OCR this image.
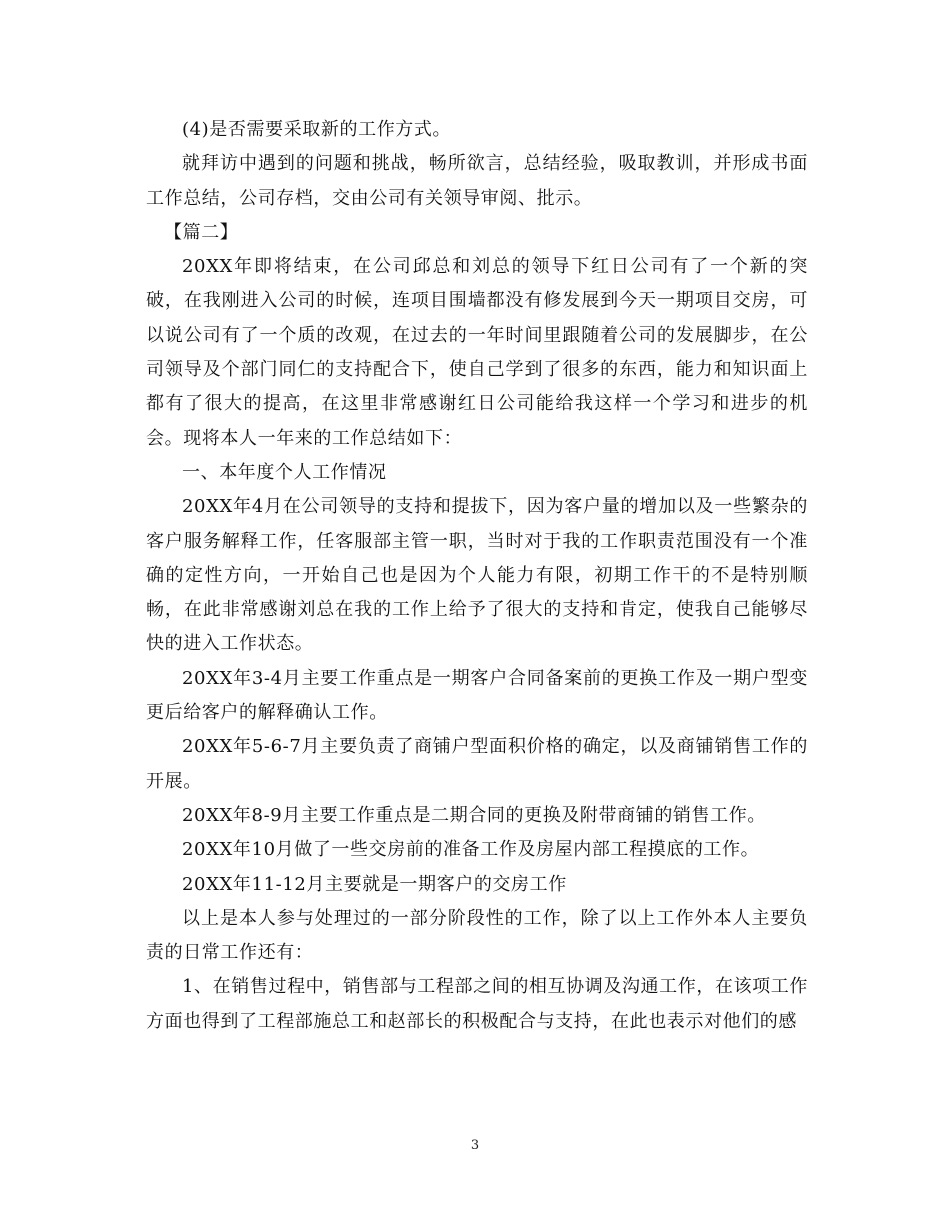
(4)是否需要采取新的工作方式。

就拜访中遇到的问题和挑战，畅所欲言，总结经验，吸取教训，并形成书面工作总结，公司存档，交由公司有关领导审阅、批示。

【篇二】

20XX年即将结束，在公司邱总和刘总的领导下红日公司有了一个新的突破，在我刚进入公司的时候，连项目围墙都没有修发展到今天一期项目交房，可以说公司有了一个质的改观，在过去的一年时间里跟随着公司的发展脚步，在公司领导及个部门同仁的支持配合下，使自己学到了很多的东西，能力和知识面上都有了很大的提高，在这里非常感谢红日公司能给我这样一个学习和进步的机会。现将本人一年来的工作总结如下：

一、本年度个人工作情况

20XX年4月在公司领导的支持和提拔下，因为客户量的增加以及一些繁杂的客户服务解释工作，任客服部主管一职，当时对于我的工作职责范围没有一个准确的定性方向，一开始自己也是因为个人能力有限，初期工作干的不是特别顺畅，在此非常感谢刘总在我的工作上给予了很大的支持和肯定，使我自己能够尽快的进入工作状态。

20XX年3-4月主要工作重点是一期客户合同备案前的更换工作及一期户型变更后给客户的解释确认工作。

20XX年5-6-7月主要负责了商铺户型面积价格的确定，以及商铺销售工作的开展。

20XX年8-9月主要工作重点是二期合同的更换及附带商铺的销售工作。

20XX年10月做了一些交房前的准备工作及房屋内部工程摸底的工作。

20XX年11-12月主要就是一期客户的交房工作

以上是本人参与处理过的一部分阶段性的工作，除了以上工作外本人主要负责的日常工作还有：

1、在销售过程中，销售部与工程部之间的相互协调及沟通工作，在该项工作方面也得到了工程部施总工和赵部长的积极配合与支持，在此也表示对他们的感

3
